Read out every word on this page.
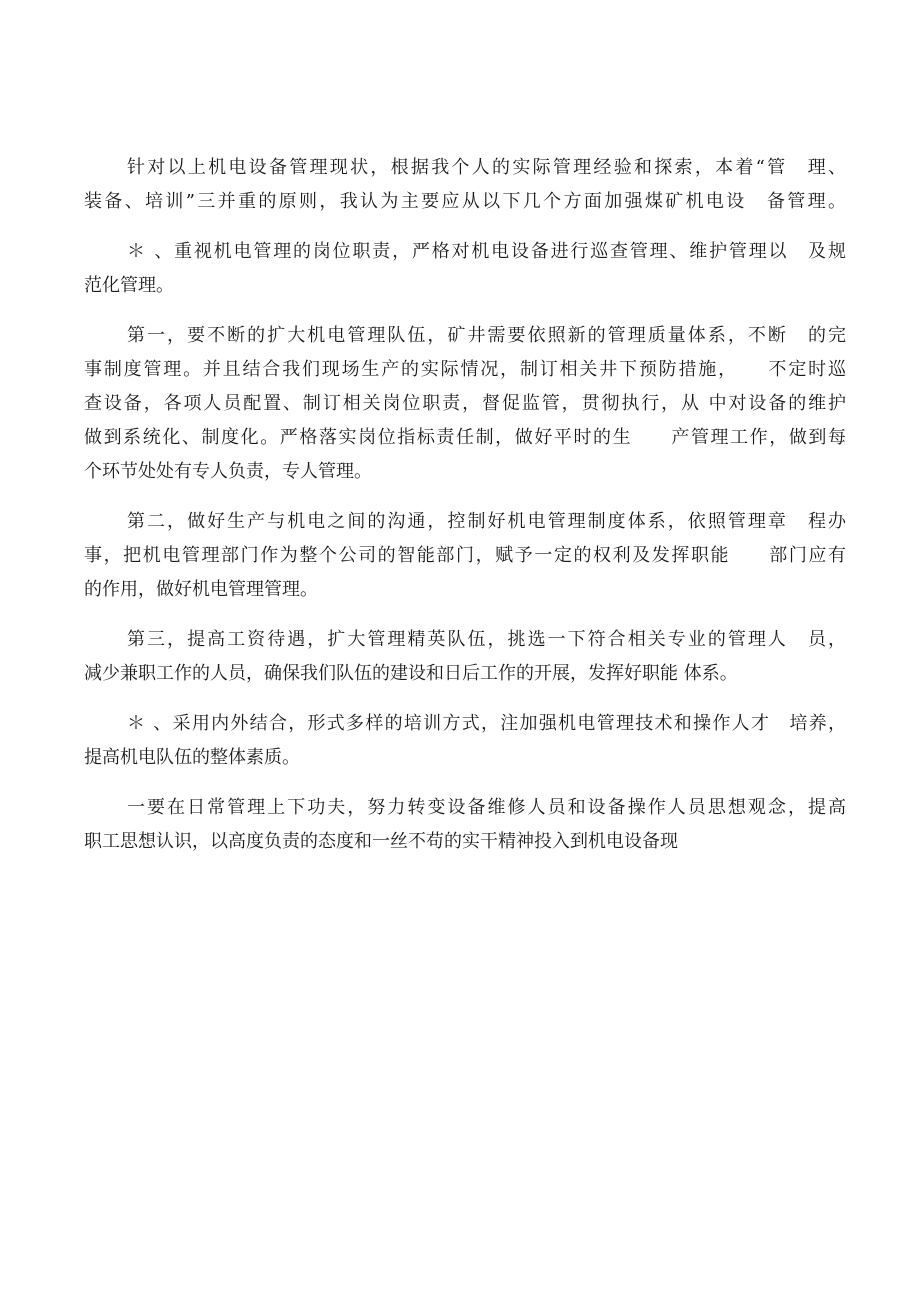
针对以上机电设备管理现状，根据我个人的实际管理经验和探索，本着“管　理、
装备、培训”三并重的原则，我认为主要应从以下几个方面加强煤矿机电设　备管理。
＊ 、重视机电管理的岗位职责，严格对机电设备进行巡查管理、维护管理以　及规
范化管理。
第一，要不断的扩大机电管理队伍，矿井需要依照新的管理质量体系，不断　的完
事制度管理。并且结合我们现场生产的实际情况，制订相关井下预防措施，　　不定时巡
查设备，各项人员配置、制订相关岗位职责，督促监管，贯彻执行，从 中对设备的维护
做到系统化、制度化。严格落实岗位指标责任制，做好平时的生　　产管理工作，做到每
个环节处处有专人负责，专人管理。
第二，做好生产与机电之间的沟通，控制好机电管理制度体系，依照管理章　程办
事，把机电管理部门作为整个公司的智能部门，赋予一定的权利及发挥职能　　部门应有
的作用，做好机电管理管理。
第三，提高工资待遇，扩大管理精英队伍，挑选一下符合相关专业的管理人　员，
减少兼职工作的人员，确保我们队伍的建设和日后工作的开展，发挥好职能 体系。
＊ 、采用内外结合，形式多样的培训方式，注加强机电管理技术和操作人才　培养，
提高机电队伍的整体素质。
一要在日常管理上下功夫，努力转变设备维修人员和设备操作人员思想观念，提高
职工思想认识，以高度负责的态度和一丝不苟的实干精神投入到机电设备现
